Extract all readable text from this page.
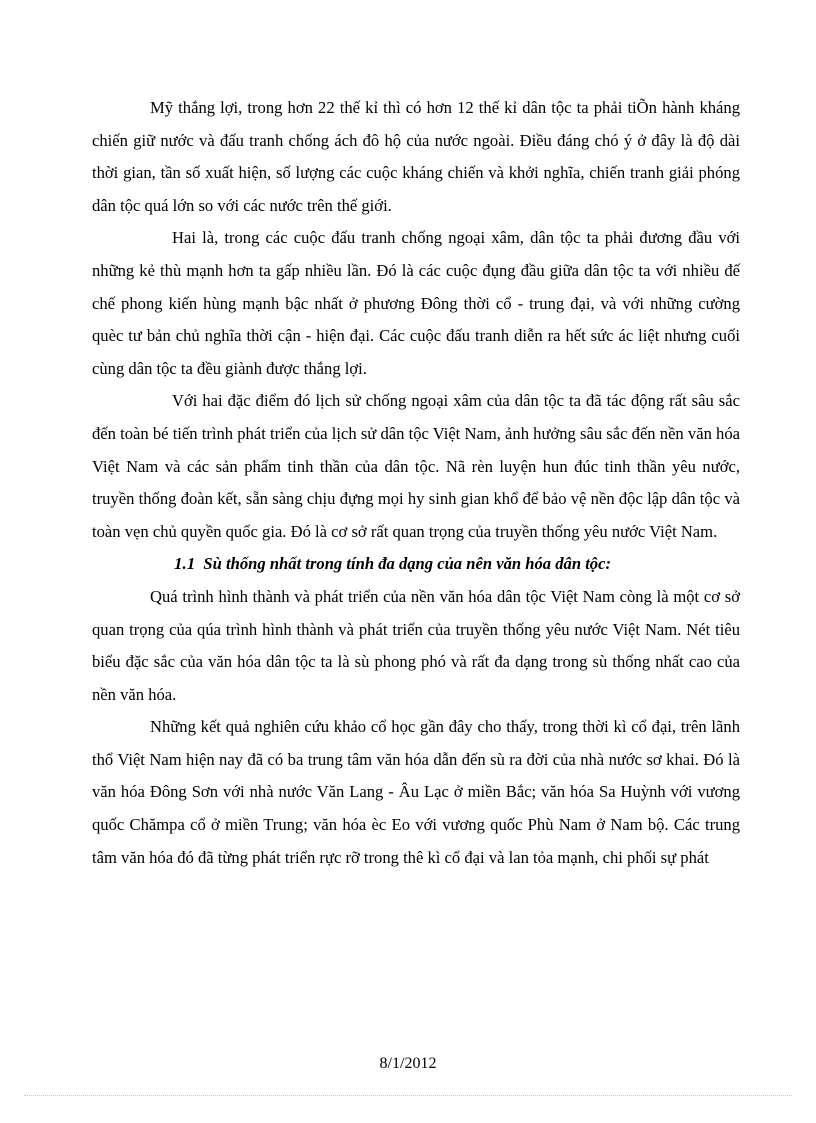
Mỹ thắng lợi, trong hơn 22 thế kỉ thì có hơn 12 thế kỉ dân tộc ta phải tiÕn hành kháng chiến giữ nước và đấu tranh chống ách đô hộ của nước ngoài. Điều đáng chó ý ở đây là độ dài thời gian, tần số xuất hiện, số lượng các cuộc kháng chiến và khởi nghĩa, chiến tranh giải phóng dân tộc quá lớn so với các nước trên thế giới.

Hai là, trong các cuộc đấu tranh chống ngoại xâm, dân tộc ta phải đương đầu với những kẻ thù mạnh hơn ta gấp nhiều lần. Đó là các cuộc đụng đầu giữa dân tộc ta với nhiều đế chế phong kiến hùng mạnh bậc nhất ở phương Đông thời cổ - trung đại, và với những cường quèc tư bản chủ nghĩa thời cận - hiện đại. Các cuộc đấu tranh diễn ra hết sức ác liệt nhưng cuối cùng dân tộc ta đều giành được thắng lợi.

Với hai đặc điểm đó lịch sử chống ngoại xâm của dân tộc ta đã tác động rất sâu sắc đến toàn bé tiến trình phát triển của lịch sử dân tộc Việt Nam, ảnh hưởng sâu sắc đến nền văn hóa Việt Nam và các sản phẩm tinh thần của dân tộc. Nã rèn luyện hun đúc tinh thần yêu nước, truyền thống đoàn kết, sẵn sàng chịu đựng mọi hy sinh gian khổ để bảo vệ nền độc lập dân tộc và toàn vẹn chủ quyền quốc gia. Đó là cơ sở rất quan trọng của truyền thống yêu nước Việt Nam.

1.1 Sù thống nhất trong tính đa dạng của nên văn hóa dân tộc:

Quá trình hình thành và phát triển của nền văn hóa dân tộc Việt Nam còng là một cơ sở quan trọng của qúa trình hình thành và phát triển của truyền thống yêu nước Việt Nam. Nét tiêu biểu đặc sắc của văn hóa dân tộc ta là sù phong phó và rất đa dạng trong sù thống nhất cao của nền văn hóa.

Những kết quả nghiên cứu khảo cổ học gần đây cho thấy, trong thời kì cổ đại, trên lãnh thổ Việt Nam hiện nay đã có ba trung tâm văn hóa dẫn đến sù ra đời của nhà nước sơ khai. Đó là văn hóa Đông Sơn với nhà nước Văn Lang - Âu Lạc ở miền Bắc; văn hóa Sa Huỳnh với vương quốc Chămpa cổ ở miền Trung; văn hóa èc Eo với vương quốc Phù Nam ở Nam bộ. Các trung tâm văn hóa đó đã từng phát triển rực rỡ trong thê kì cổ đại và lan tỏa mạnh, chi phối sự phát

8/1/2012
